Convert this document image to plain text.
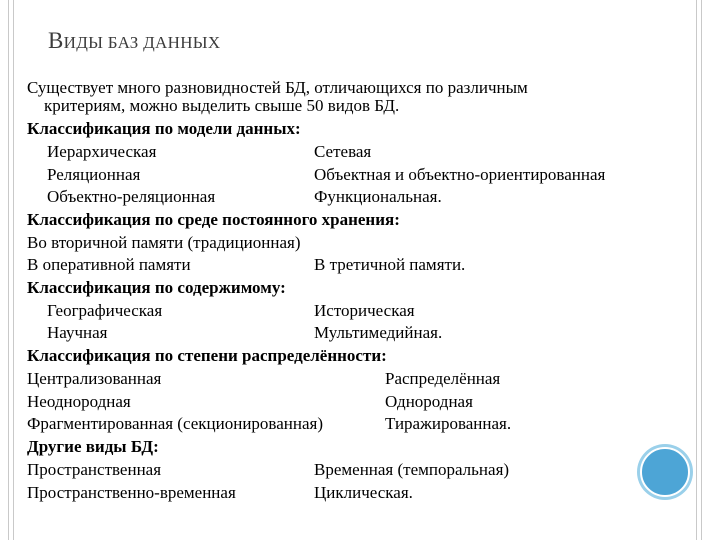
ВИДЫ БАЗ ДАННЫХ
Существует много разновидностей БД, отличающихся по различным
критериям, можно выделить свыше 50 видов БД.
Классификация по модели данных:
Иерархическая	Сетевая
Реляционная	Объектная и объектно-ориентированная
Объектно-реляционная	Функциональная.
Классификация по среде постоянного хранения:
Во вторичной памяти (традиционная)
В оперативной памяти	В третичной памяти.
Классификация по содержимому:
Географическая	Историческая
Научная	Мультимедийная.
Классификация по степени распределённости:
Централизованная	Распределённая
Неоднородная	Однородная
Фрагментированная (секционированная)	Тиражированная.
Другие виды БД:
Пространственная	Временная (темпоральная)
Пространственно-временная	Циклическая.
